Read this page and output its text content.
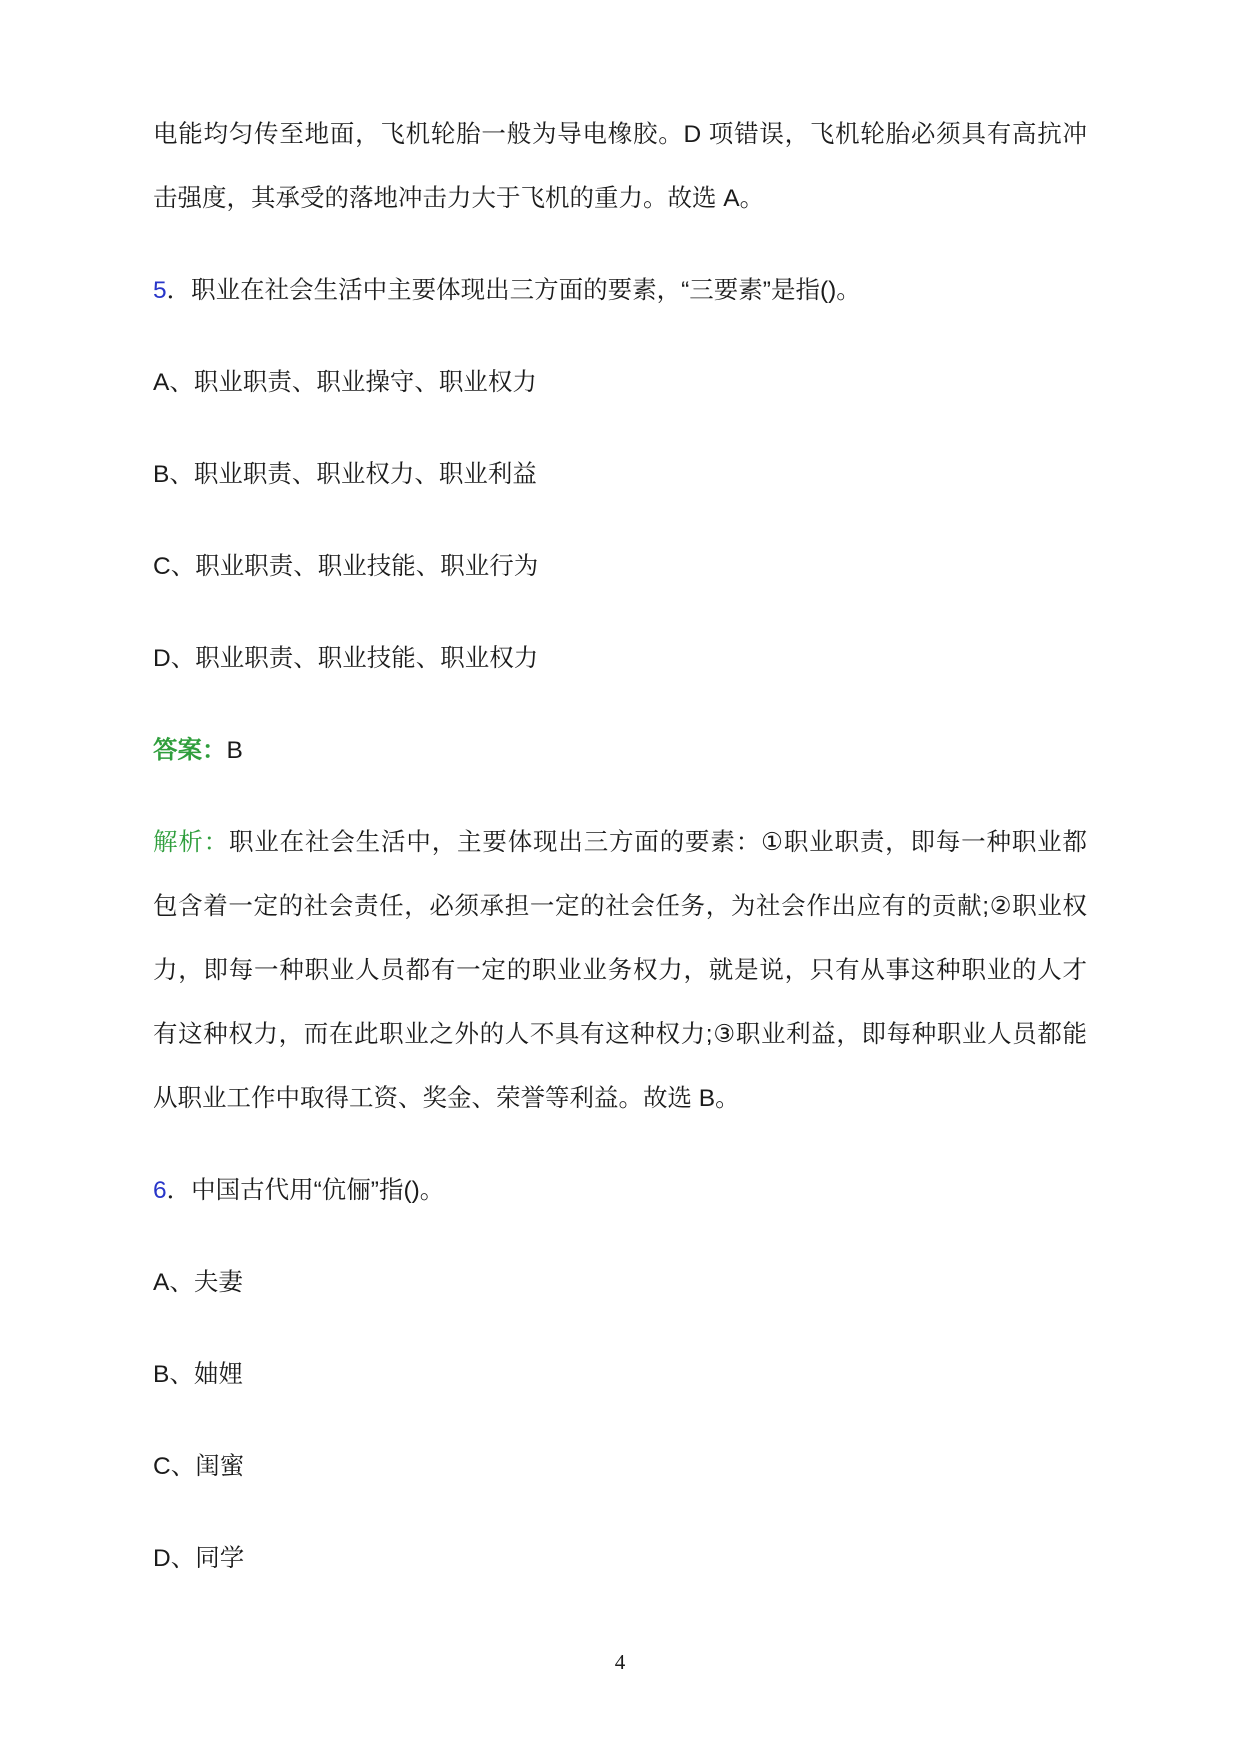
电能均匀传至地面，飞机轮胎一般为导电橡胶。D 项错误，飞机轮胎必须具有高抗冲
击强度，其承受的落地冲击力大于飞机的重力。故选 A。

5．职业在社会生活中主要体现出三方面的要素，“三要素”是指()。

A、职业职责、职业操守、职业权力

B、职业职责、职业权力、职业利益

C、职业职责、职业技能、职业行为

D、职业职责、职业技能、职业权力

答案：B

解析：职业在社会生活中，主要体现出三方面的要素：①职业职责，即每一种职业都
包含着一定的社会责任，必须承担一定的社会任务，为社会作出应有的贡献;②职业权
力，即每一种职业人员都有一定的职业业务权力，就是说，只有从事这种职业的人才
有这种权力，而在此职业之外的人不具有这种权力;③职业利益，即每种职业人员都能
从职业工作中取得工资、奖金、荣誉等利益。故选 B。

6．中国古代用“伉俪”指()。

A、夫妻

B、妯娌

C、闺蜜

D、同学

4
